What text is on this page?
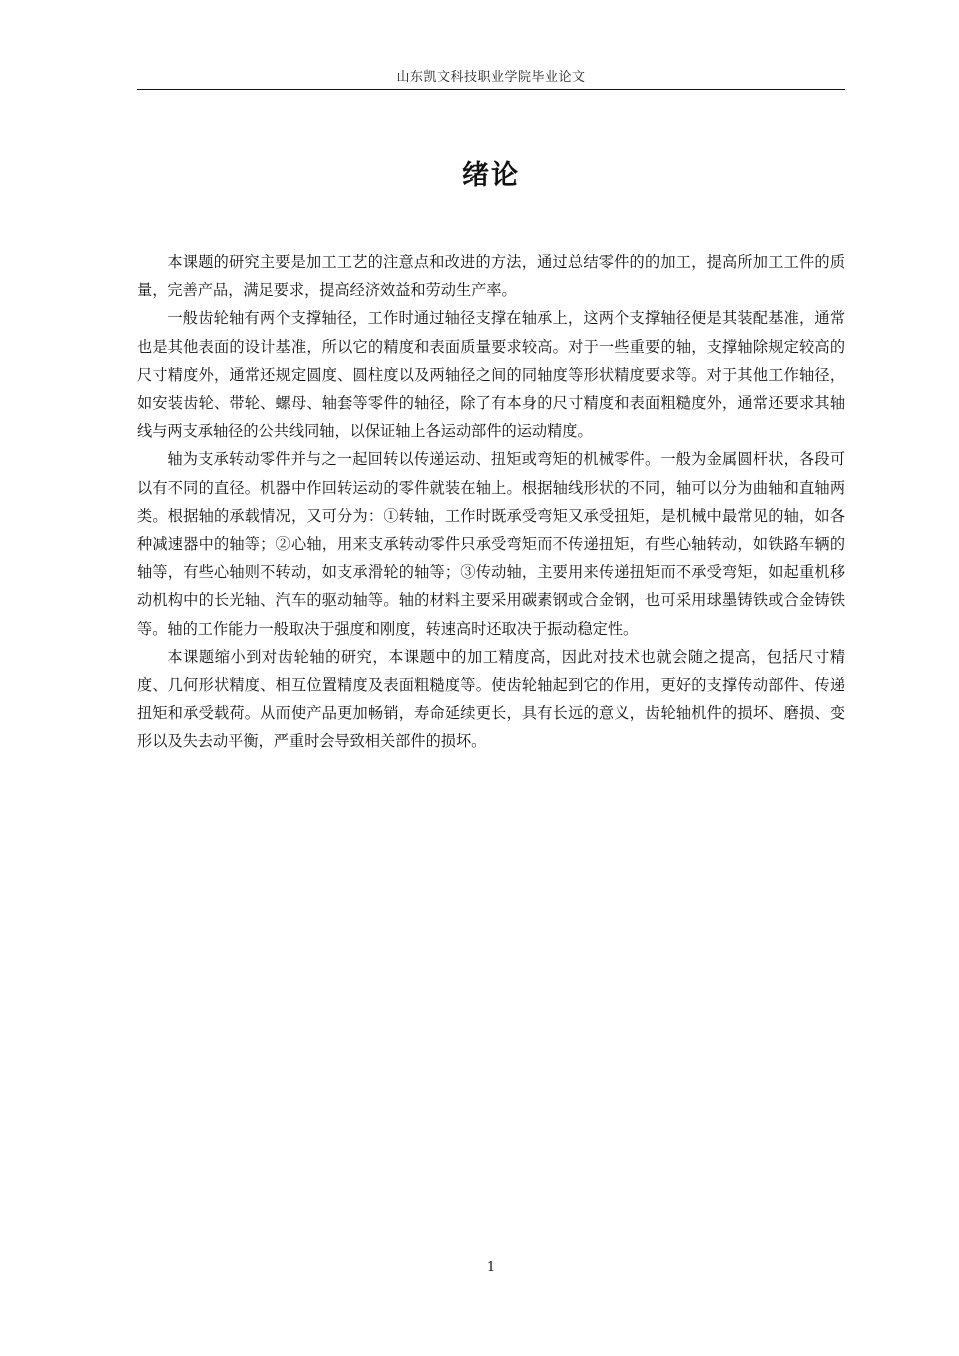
山东凯文科技职业学院毕业论文
绪论

本课题的研究主要是加工工艺的注意点和改进的方法，通过总结零件的的加工，提高所加工工件的质量，完善产品，满足要求，提高经济效益和劳动生产率。

一般齿轮轴有两个支撑轴径，工作时通过轴径支撑在轴承上，这两个支撑轴径便是其装配基准，通常也是其他表面的设计基准，所以它的精度和表面质量要求较高。对于一些重要的轴，支撑轴除规定较高的尺寸精度外，通常还规定圆度、圆柱度以及两轴径之间的同轴度等形状精度要求等。对于其他工作轴径，如安装齿轮、带轮、螺母、轴套等零件的轴径，除了有本身的尺寸精度和表面粗糙度外，通常还要求其轴线与两支承轴径的公共线同轴，以保证轴上各运动部件的运动精度。

轴为支承转动零件并与之一起回转以传递运动、扭矩或弯矩的机械零件。一般为金属圆杆状，各段可以有不同的直径。机器中作回转运动的零件就装在轴上。根据轴线形状的不同，轴可以分为曲轴和直轴两类。根据轴的承载情况，又可分为：①转轴，工作时既承受弯矩又承受扭矩，是机械中最常见的轴，如各种减速器中的轴等；②心轴，用来支承转动零件只承受弯矩而不传递扭矩，有些心轴转动，如铁路车辆的轴等，有些心轴则不转动，如支承滑轮的轴等；③传动轴，主要用来传递扭矩而不承受弯矩，如起重机移动机构中的长光轴、汽车的驱动轴等。轴的材料主要采用碳素钢或合金钢，也可采用球墨铸铁或合金铸铁等。轴的工作能力一般取决于强度和刚度，转速高时还取决于振动稳定性。

本课题缩小到对齿轮轴的研究，本课题中的加工精度高，因此对技术也就会随之提高，包括尺寸精度、几何形状精度、相互位置精度及表面粗糙度等。使齿轮轴起到它的作用，更好的支撑传动部件、传递扭矩和承受载荷。从而使产品更加畅销，寿命延续更长，具有长远的意义，齿轮轴机件的损坏、磨损、变形以及失去动平衡，严重时会导致相关部件的损坏。

1
